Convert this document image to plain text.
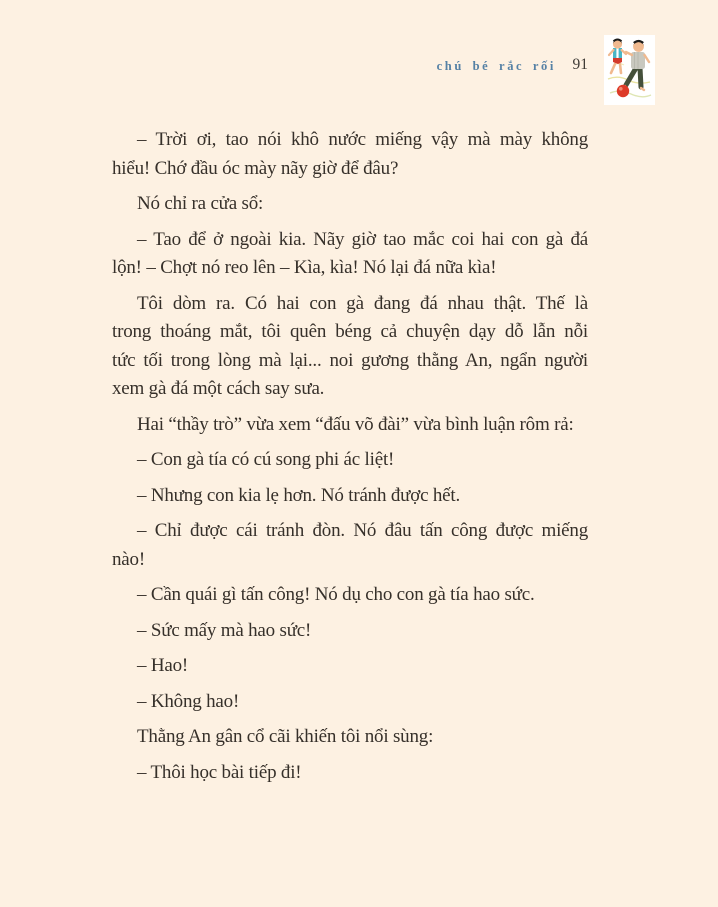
chú bé rắc rối 91
– Trời ơi, tao nói khô nước miếng vậy mà mày không
hiểu! Chớ đầu óc mày nãy giờ để đâu?
Nó chỉ ra cửa sổ:
– Tao để ở ngoài kia. Nãy giờ tao mắc coi hai con gà đá
lộn! – Chợt nó reo lên – Kìa, kìa! Nó lại đá nữa kìa!
Tôi dòm ra. Có hai con gà đang đá nhau thật. Thế là
trong thoáng mắt, tôi quên béng cả chuyện dạy dỗ lẫn nỗi
tức tối trong lòng mà lại... noi gương thằng An, ngẩn người
xem gà đá một cách say sưa.
Hai “thầy trò” vừa xem “đấu võ đài” vừa bình luận rôm rả:
– Con gà tía có cú song phi ác liệt!
– Nhưng con kia lẹ hơn. Nó tránh được hết.
– Chỉ được cái tránh đòn. Nó đâu tấn công được miếng
nào!
– Cần quái gì tấn công! Nó dụ cho con gà tía hao sức.
– Sức mấy mà hao sức!
– Hao!
– Không hao!
Thằng An gân cổ cãi khiến tôi nổi sùng:
– Thôi học bài tiếp đi!
